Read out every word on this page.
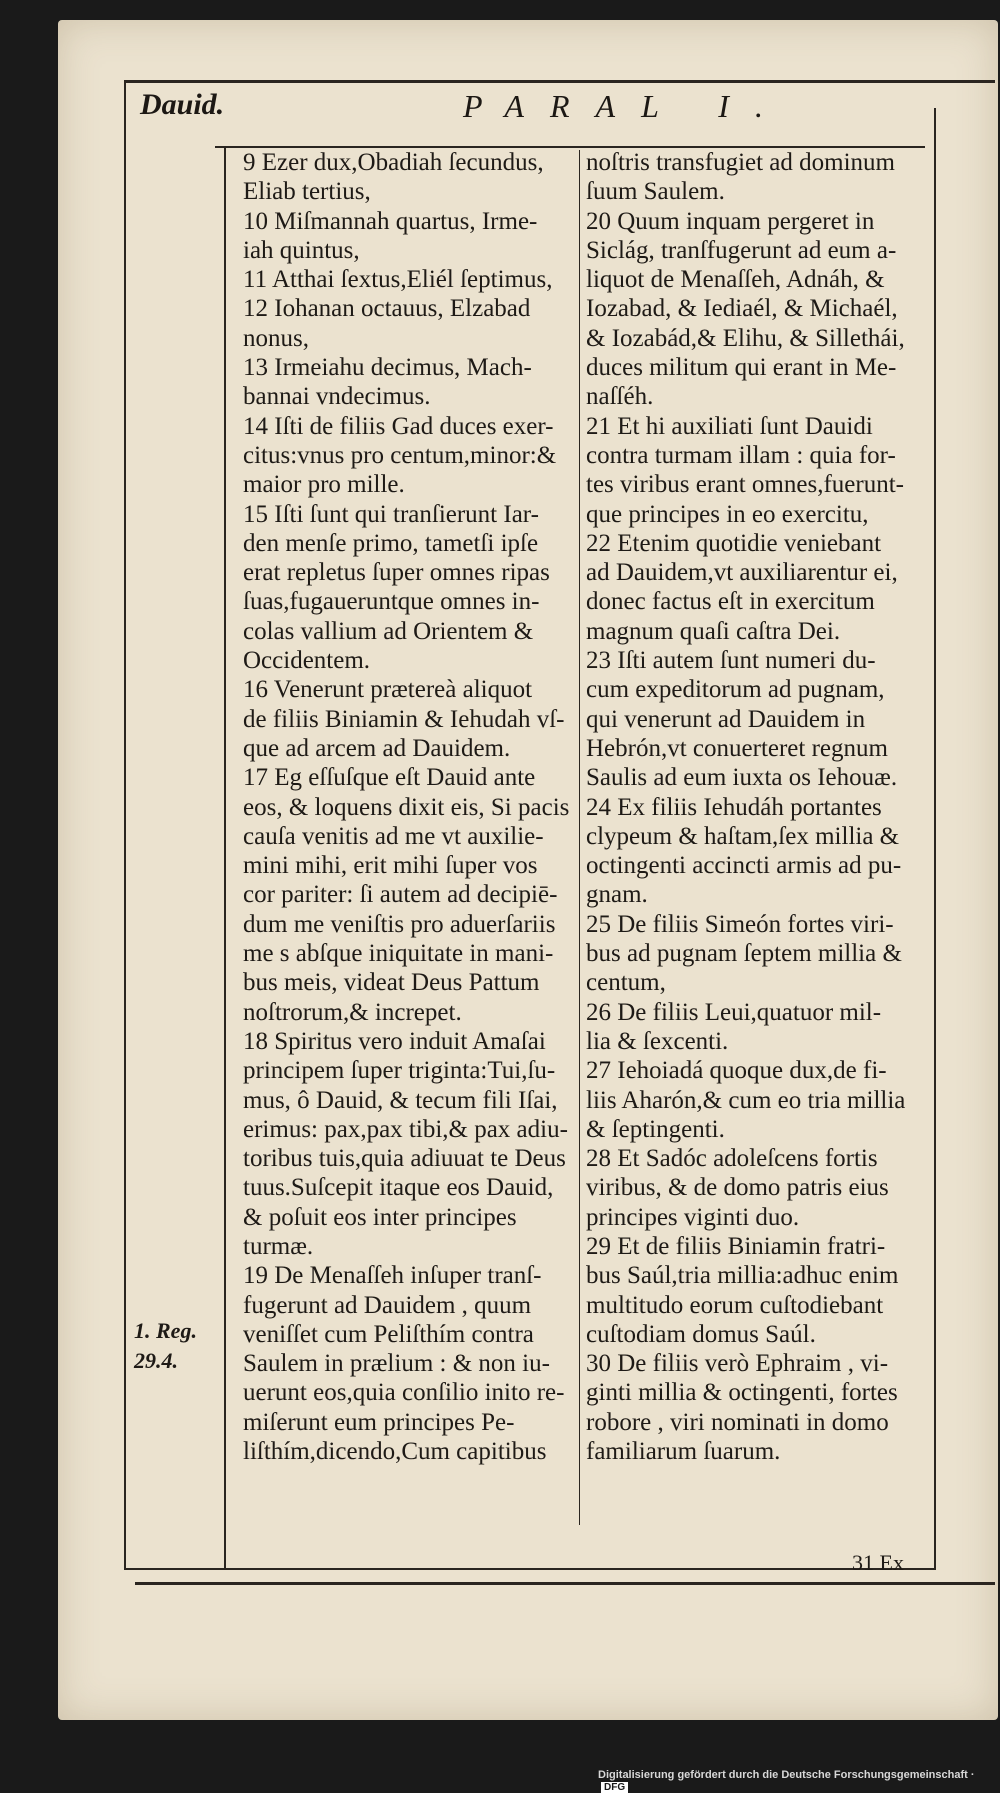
Dauid.	PARAL I.
9 Ezer dux,Obadiah ſecundus,
Eliab tertius,
10 Miſmannah quartus, Irme-
iah quintus,
11 Atthai ſextus,Eliél ſeptimus,
12 Iohanan octauus, Elzabad
nonus,
13 Irmeiahu decimus, Mach-
bannai vndecimus.
14 Iſti de filiis Gad duces exer-
citus:vnus pro centum,minor:&
maior pro mille.
15 Iſti ſunt qui tranſierunt Iar-
den menſe primo, tametſi ipſe
erat repletus ſuper omnes ripas
ſuas,fugaueruntque omnes in-
colas vallium ad Orientem &
Occidentem.
16 Venerunt prætereà aliquot
de filiis Biniamin & Iehudah vſ-
que ad arcem ad Dauidem.
17 Eg eſſuſque eſt Dauid ante
eos, & loquens dixit eis, Si pacis
cauſa venitis ad me vt auxilie-
mini mihi, erit mihi ſuper vos
cor pariter: ſi autem ad decipiē-
dum me veniſtis pro aduerſariis
me s abſque iniquitate in mani-
bus meis, videat Deus Pattum
noſtrorum,& increpet.
18 Spiritus vero induit Amaſai
principem ſuper triginta:Tui,ſu-
mus, ô Dauid, & tecum fili Iſai,
erimus: pax,pax tibi,& pax adiu-
toribus tuis,quia adiuuat te Deus
tuus.Suſcepit itaque eos Dauid,
& poſuit eos inter principes
turmæ.
19 De Menaſſeh inſuper tranſ-
fugerunt ad Dauidem , quum
veniſſet cum Peliſthím contra
Saulem in prælium : & non iu-
uerunt eos,quia conſilio inito re-
miſerunt eum principes Pe-
liſthím,dicendo,Cum capitibus
noſtris transfugiet ad dominum
ſuum Saulem.
20 Quum inquam pergeret in
Siclág, tranſfugerunt ad eum a-
liquot de Menaſſeh, Adnáh, &
Iozabad, & Iediaél, & Michaél,
& Iozabád,& Elihu, & Sillethái,
duces militum qui erant in Me-
naſſéh.
21 Et hi auxiliati ſunt Dauidi
contra turmam illam : quia for-
tes viribus erant omnes,fuerunt-
que principes in eo exercitu,
22 Etenim quotidie veniebant
ad Dauidem,vt auxiliarentur ei,
donec factus eſt in exercitum
magnum quaſi caſtra Dei.
23 Iſti autem ſunt numeri du-
cum expeditorum ad pugnam,
qui venerunt ad Dauidem in
Hebrón,vt conuerteret regnum
Saulis ad eum iuxta os Iehouæ.
24 Ex filiis Iehudáh portantes
clypeum & haſtam,ſex millia &
octingenti accincti armis ad pu-
gnam.
25 De filiis Simeón fortes viri-
bus ad pugnam ſeptem millia &
centum,
26 De filiis Leui,quatuor mil-
lia & ſexcenti.
27 Iehoiadá quoque dux,de fi-
liis Aharón,& cum eo tria millia
& ſeptingenti.
28 Et Sadóc adoleſcens fortis
viribus, & de domo patris eius
principes viginti duo.
29 Et de filiis Biniamin fratri-
bus Saúl,tria millia:adhuc enim
multitudo eorum cuſtodiebant
cuſtodiam domus Saúl.
30 De filiis verò Ephraim , vi-
ginti millia & octingenti, fortes
robore , viri nominati in domo
familiarum ſuarum.
1. Reg.
29.4.
31 Ex
Digitalisierung gefördert durch die Deutsche Forschungsgemeinschaft ·DFG
